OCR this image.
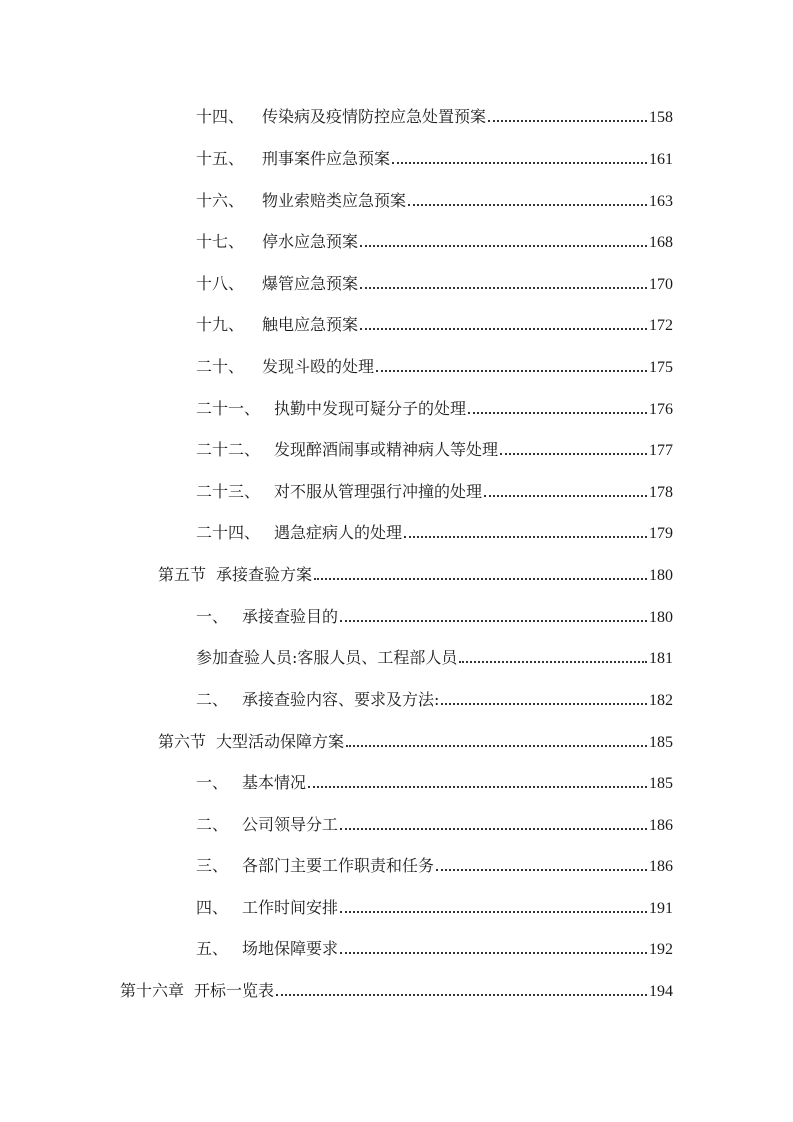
十四、 传染病及疫情防控应急处置预案	158
十五、 刑事案件应急预案	161
十六、 物业索赔类应急预案	163
十七、 停水应急预案	168
十八、 爆管应急预案	170
十九、 触电应急预案	172
二十、 发现斗殴的处理	175
二十一、 执勤中发现可疑分子的处理	176
二十二、 发现醉酒闹事或精神病人等处理	177
二十三、 对不服从管理强行冲撞的处理	178
二十四、 遇急症病人的处理	179
第五节 承接查验方案	180
一、 承接查验目的	180
参加查验人员:客服人员、工程部人员	181
二、 承接查验内容、要求及方法:	182
第六节 大型活动保障方案	185
一、 基本情况	185
二、 公司领导分工	186
三、 各部门主要工作职责和任务	186
四、 工作时间安排	191
五、 场地保障要求	192
第十六章 开标一览表	194
